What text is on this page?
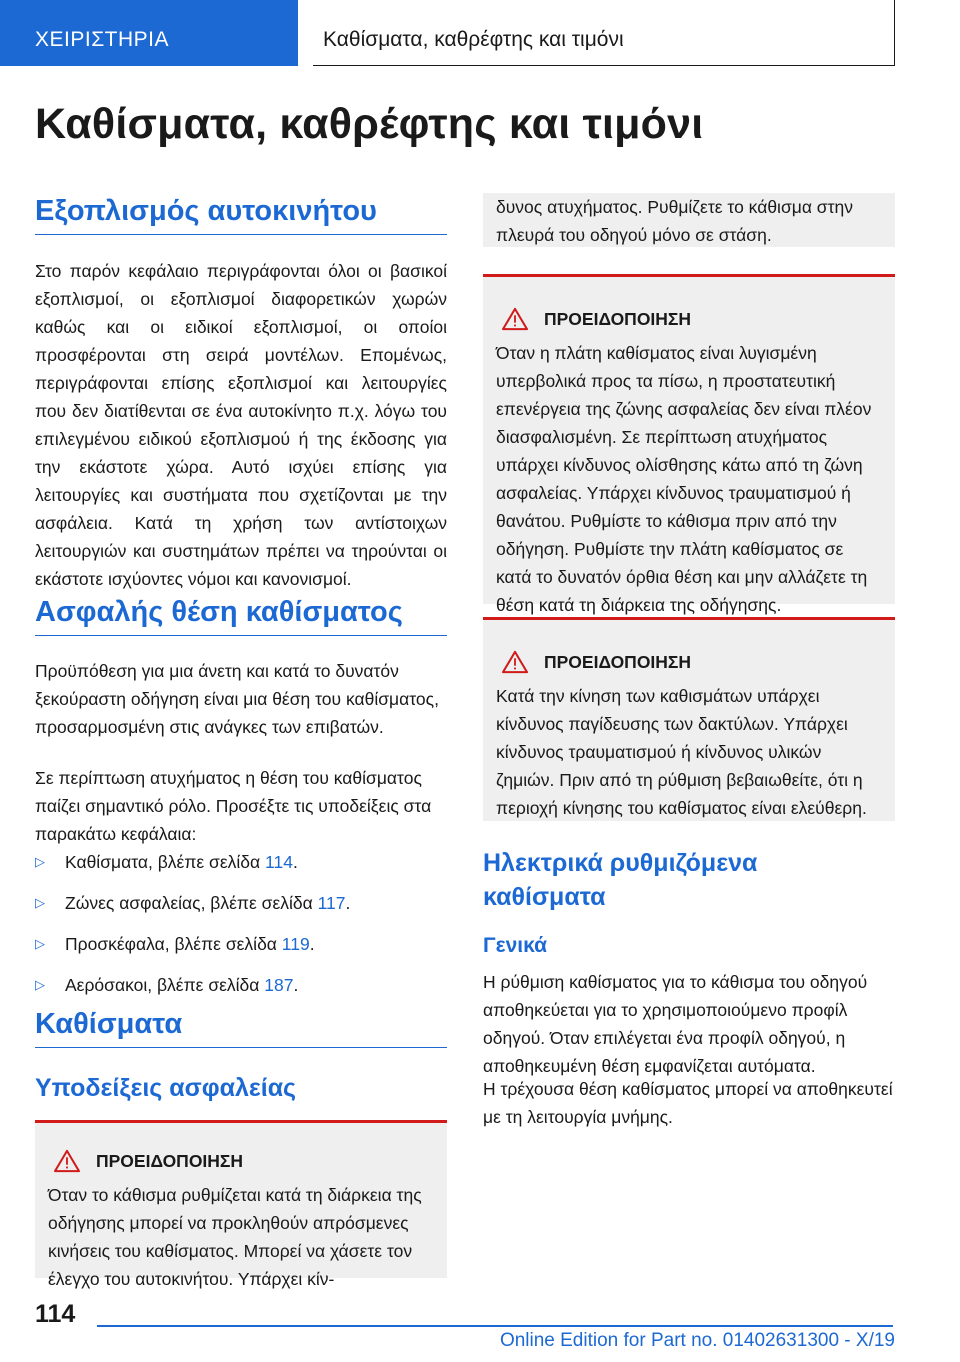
ΧΕΙΡΙΣΤΗΡΙΑ	Καθίσματα, καθρέφτης και τιμόνι
Καθίσματα, καθρέφτης και τιμόνι
Εξοπλισμός αυτοκινήτου

Στο παρόν κεφάλαιο περιγράφονται όλοι οι βασικοί εξοπλισμοί, οι εξοπλισμοί διαφορετικών χωρών καθώς και οι ειδικοί εξοπλισμοί, οι οποίοι προσφέρονται στη σειρά μοντέλων. Επομένως, περιγράφονται επίσης εξοπλισμοί και λειτουργίες που δεν διατίθενται σε ένα αυτοκίνητο π.χ. λόγω του επιλεγμένου ειδικού εξοπλισμού ή της έκδοσης για την εκάστοτε χώρα. Αυτό ισχύει επίσης για λειτουργίες και συστήματα που σχετίζονται με την ασφάλεια. Κατά τη χρήση των αντίστοιχων λειτουργιών και συστημάτων πρέπει να τηρούνται οι εκάστοτε ισχύοντες νόμοι και κανονισμοί.

Ασφαλής θέση καθίσματος

Προϋπόθεση για μια άνετη και κατά το δυνατόν ξεκούραστη οδήγηση είναι μια θέση του καθίσματος, προσαρμοσμένη στις ανάγκες των επιβατών.

Σε περίπτωση ατυχήματος η θέση του καθίσματος παίζει σημαντικό ρόλο. Προσέξτε τις υποδείξεις στα παρακάτω κεφάλαια:

▷	Καθίσματα, βλέπε σελίδα 114.
▷	Ζώνες ασφαλείας, βλέπε σελίδα 117.
▷	Προσκέφαλα, βλέπε σελίδα 119.
▷	Αερόσακοι, βλέπε σελίδα 187.
Καθίσματα
Υποδείξεις ασφαλείας
ΠΡΟΕΙΔΟΠΟΙΗΣΗ

Όταν το κάθισμα ρυθμίζεται κατά τη διάρκεια της οδήγησης μπορεί να προκληθούν απρόσμενες κινήσεις του καθίσματος. Μπορεί να χάσετε τον έλεγχο του αυτοκινήτου. Υπάρχει κίν-

δυνος ατυχήματος. Ρυθμίζετε το κάθισμα στην πλευρά του οδηγού μόνο σε στάση.

ΠΡΟΕΙΔΟΠΟΙΗΣΗ

Όταν η πλάτη καθίσματος είναι λυγισμένη υπερβολικά προς τα πίσω, η προστατευτική επενέργεια της ζώνης ασφαλείας δεν είναι πλέον διασφαλισμένη. Σε περίπτωση ατυχήματος υπάρχει κίνδυνος ολίσθησης κάτω από τη ζώνη ασφαλείας. Υπάρχει κίνδυνος τραυματισμού ή θανάτου. Ρυθμίστε το κάθισμα πριν από την οδήγηση. Ρυθμίστε την πλάτη καθίσματος σε κατά το δυνατόν όρθια θέση και μην αλλάζετε τη θέση κατά τη διάρκεια της οδήγησης.

ΠΡΟΕΙΔΟΠΟΙΗΣΗ

Κατά την κίνηση των καθισμάτων υπάρχει κίνδυνος παγίδευσης των δακτύλων. Υπάρχει κίνδυνος τραυματισμού ή κίνδυνος υλικών ζημιών. Πριν από τη ρύθμιση βεβαιωθείτε, ότι η περιοχή κίνησης του καθίσματος είναι ελεύθερη.

Ηλεκτρικά ρυθμιζόμενα
καθίσματα
Γενικά

Η ρύθμιση καθίσματος για το κάθισμα του οδηγού αποθηκεύεται για το χρησιμοποιούμενο προφίλ οδηγού. Όταν επιλέγεται ένα προφίλ οδηγού, η αποθηκευμένη θέση εμφανίζεται αυτόματα.

Η τρέχουσα θέση καθίσματος μπορεί να αποθηκευτεί με τη λειτουργία μνήμης.

114
Online Edition for Part no. 01402631300 - X/19
